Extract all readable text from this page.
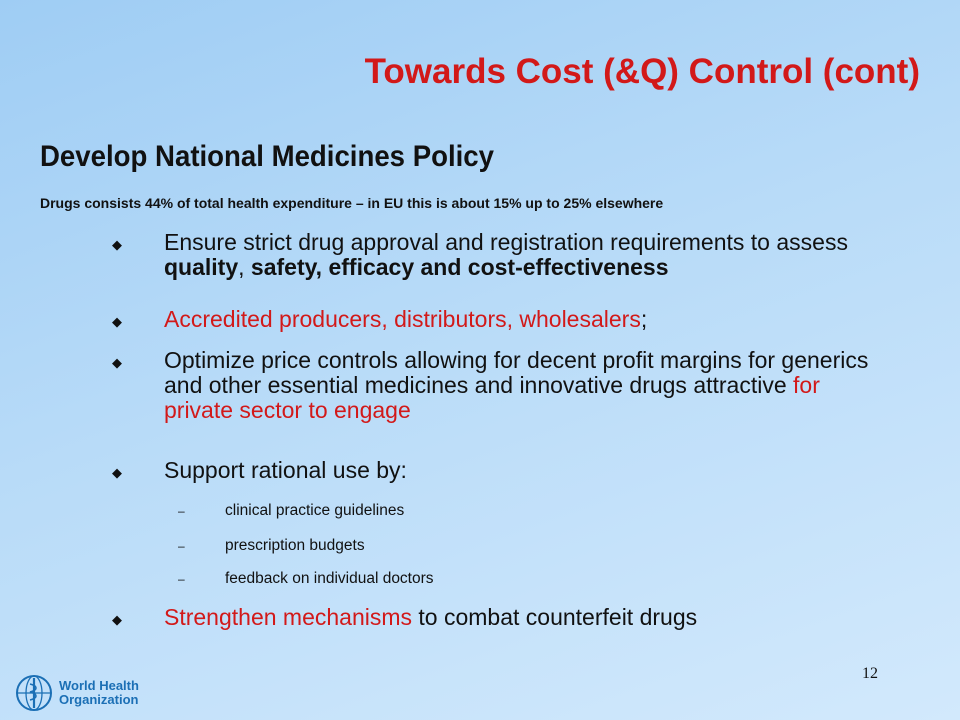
Towards Cost (&Q) Control (cont)
Develop National Medicines Policy
Drugs consists 44% of total health expenditure – in EU this is about 15% up to 25% elsewhere
◆ Ensure strict drug approval and registration requirements to assess quality, safety, efficacy and cost-effectiveness
◆ Accredited producers, distributors, wholesalers;
◆ Optimize price controls allowing for decent profit margins for generics and other essential medicines and innovative drugs attractive for private sector to engage
◆ Support rational use by:
–	clinical practice guidelines
–	prescription budgets
–	feedback on individual doctors
◆ Strengthen mechanisms to combat counterfeit drugs
12
World Health
Organization
